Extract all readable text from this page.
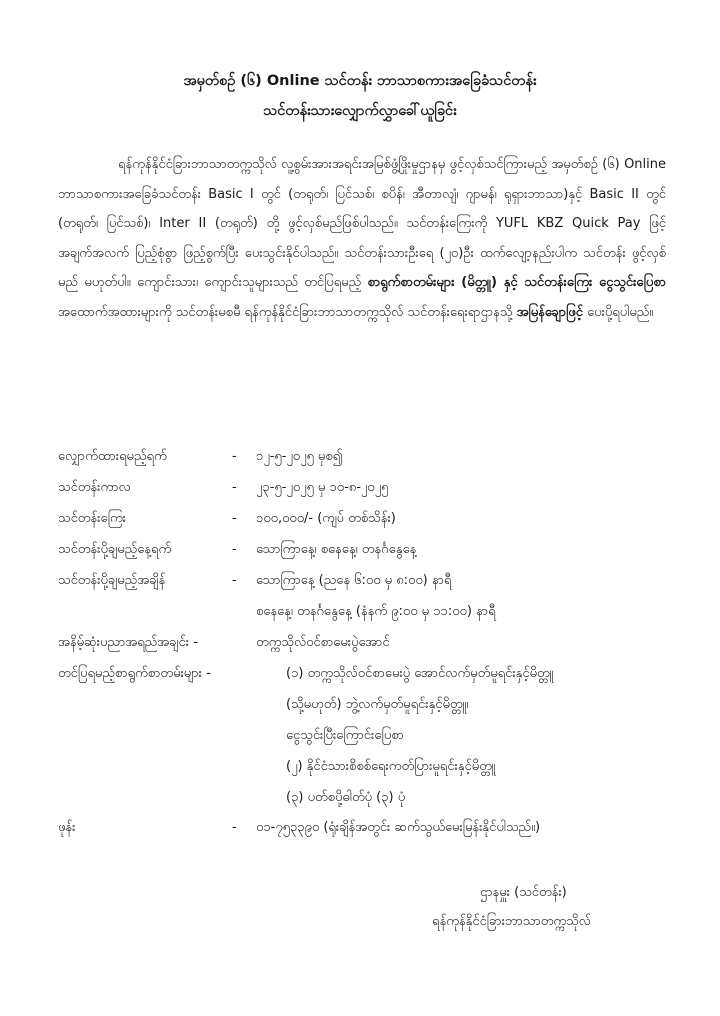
အမှတ်စဉ် (၆) Online သင်တန်း ဘာသာစကားအခြေခံသင်တန်း
သင်တန်းသားလျှောက်လွှာခေါ်ယူခြင်း
ရန်ကုန်နိုင်ငံခြားဘာသာတက္ကသိုလ် လူ့စွမ်းအားအရင်းအမြစ်ဖွံ့ဖြိုးမှုဌာနမှ ဖွင့်လှစ်သင်ကြားမည့် အမှတ်စဉ် (၆) Online ဘာသာစကားအခြေခံသင်တန်း Basic I တွင် (တရုတ်၊ ပြင်သစ်၊ စပိန်၊ အီတာလျံ၊ ဂျာမန်၊ ရုရှားဘာသာ)နှင့် Basic II တွင် (တရုတ်၊ ပြင်သစ်)၊ Inter II (တရုတ်) တို့ ဖွင့်လှစ်မည်ဖြစ်ပါသည်။ သင်တန်းကြေးကို YUFL KBZ Quick Pay ဖြင့် အချက်အလက် ပြည့်စုံစွာ ဖြည့်စွက်ပြီး ပေးသွင်းနိုင်ပါသည်။ သင်တန်းသားဦးရေ (၂၀)ဦး ထက်လျော့နည်းပါက သင်တန်း ဖွင့်လှစ်မည် မဟုတ်ပါ။ ကျောင်းသား၊ ကျောင်းသူများသည် တင်ပြရမည့် စာရွက်စာတမ်းများ (မိတ္တူ) နှင့် သင်တန်းကြေး ငွေသွင်းပြေစာ အထောက်အထားများကို သင်တန်းမစမီ ရန်ကုန်နိုင်ငံခြားဘာသာတက္ကသိုလ် သင်တန်းရေးရာဌာနသို့ အမြန်ချောဖြင့် ပေးပို့ရပါမည်။
လျှောက်ထားရမည့်ရက်	- ၁၂-၅-၂၀၂၅ မှစ၍
သင်တန်းကာလ	- ၂၃-၅-၂၀၂၅ မှ ၁၀-၈-၂၀၂၅
သင်တန်းကြေး	- ၁၀၀,၀၀၀/- (ကျပ် တစ်သိန်း)
သင်တန်းပို့ချမည့်နေ့ရက်	- သောကြာနေ့၊ စနေနေ့၊ တနင်္ဂနွေနေ့
သင်တန်းပို့ချမည့်အချိန်	- သောကြာနေ့ (ညနေ ၆:၀၀ မှ ၈:၀၀) နာရီ
စနေနေ့၊ တနင်္ဂနွေနေ့ (နံနက် ၉:၀၀ မှ ၁၁:၀၀) နာရီ
အနိမ့်ဆုံးပညာအရည်အချင်း -	တက္ကသိုလ်ဝင်စာမေးပွဲအောင်
တင်ပြရမည့်စာရွက်စာတမ်းများ -	(၁) တက္ကသိုလ်ဝင်စာမေးပွဲ အောင်လက်မှတ်မူရင်းနှင့်မိတ္တူ
(သို့မဟုတ်) ဘွဲ့လက်မှတ်မူရင်းနှင့်မိတ္တူ၊
ငွေသွင်းပြီးကြောင်းပြေစာ
(၂) နိုင်ငံသားစိစစ်ရေးကတ်ပြားမူရင်းနှင့်မိတ္တူ
(၃) ပတ်စပို့ဓါတ်ပုံ (၃) ပုံ
ဖုန်း	- ၀၁-၇၅၃၃၉၀ (ရုံးချိန်အတွင်း ဆက်သွယ်မေးမြန်းနိုင်ပါသည်။)
ဌာနမှူး (သင်တန်း)
ရန်ကုန်နိုင်ငံခြားဘာသာတက္ကသိုလ်
